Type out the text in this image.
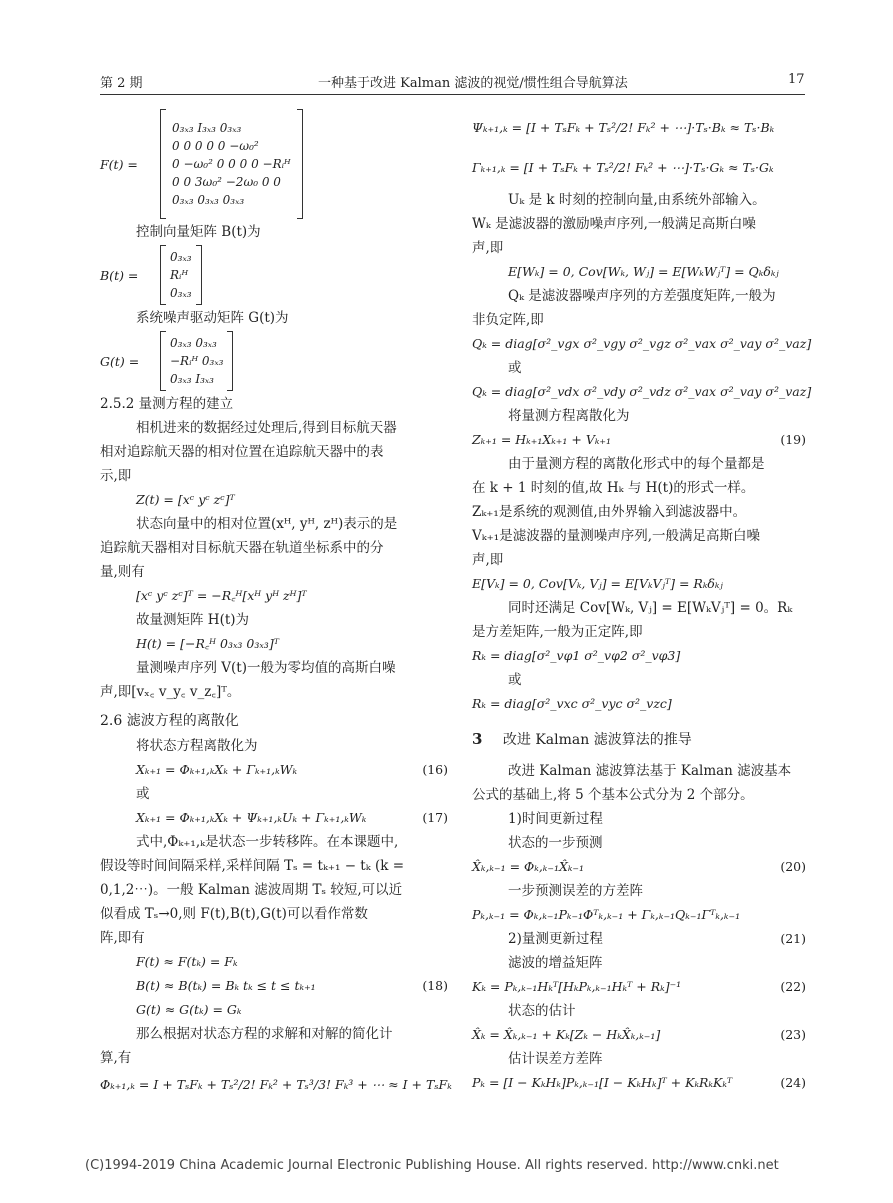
第 2 期	一种基于改进 Kalman 滤波的视觉/惯性组合导航算法	17
F(t) =
0₃ₓ₃ I₃ₓ₃ 0₃ₓ₃
0 0 0 0 0 −ω₀²
0 −ω₀² 0 0 0 0 −Rᵢᴴ
0 0 3ω₀² −2ω₀ 0 0
0₃ₓ₃ 0₃ₓ₃ 0₃ₓ₃
控制向量矩阵 B(t)为
B(t) =
0₃ₓ₃
Rᵢᴴ
0₃ₓ₃
系统噪声驱动矩阵 G(t)为
G(t) =
0₃ₓ₃ 0₃ₓ₃
−Rᵢᴴ 0₃ₓ₃
0₃ₓ₃ I₃ₓ₃
2.5.2 量测方程的建立
相机进来的数据经过处理后,得到目标航天器
相对追踪航天器的相对位置在追踪航天器中的表
示,即
Z(t) = [xᶜ yᶜ zᶜ]ᵀ
状态向量中的相对位置(xᴴ, yᴴ, zᴴ)表示的是
追踪航天器相对目标航天器在轨道坐标系中的分
量,则有
[xᶜ yᶜ zᶜ]ᵀ = −R꜀ᴴ[xᴴ yᴴ zᴴ]ᵀ
故量测矩阵 H(t)为
H(t) = [−R꜀ᴴ 0₃ₓ₃ 0₃ₓ₃]ᵀ
量测噪声序列 V(t)一般为零均值的高斯白噪
声,即[vₓ꜀ v_y꜀ v_z꜀]ᵀ。
2.6 滤波方程的离散化
将状态方程离散化为
Xₖ₊₁ = Φₖ₊₁,ₖXₖ + Γₖ₊₁,ₖWₖ	(16)
或
Xₖ₊₁ = Φₖ₊₁,ₖXₖ + Ψₖ₊₁,ₖUₖ + Γₖ₊₁,ₖWₖ	(17)
式中,Φₖ₊₁,ₖ是状态一步转移阵。在本课题中,
假设等时间间隔采样,采样间隔 Tₛ = tₖ₊₁ − tₖ (k =
0,1,2⋯)。一般 Kalman 滤波周期 Tₛ 较短,可以近
似看成 Tₛ→0,则 F(t),B(t),G(t)可以看作常数
阵,即有
F(t) ≈ F(tₖ) = Fₖ
B(t) ≈ B(tₖ) = Bₖ tₖ ≤ t ≤ tₖ₊₁	(18)
G(t) ≈ G(tₖ) = Gₖ
那么根据对状态方程的求解和对解的简化计
算,有
Φₖ₊₁,ₖ = I + TₛFₖ + Tₛ²/2! Fₖ² + Tₛ³/3! Fₖ³ + ⋯ ≈ I + TₛFₖ
Ψₖ₊₁,ₖ = [I + TₛFₖ + Tₛ²/2! Fₖ² + ⋯]·Tₛ·Bₖ ≈ Tₛ·Bₖ
Γₖ₊₁,ₖ = [I + TₛFₖ + Tₛ²/2! Fₖ² + ⋯]·Tₛ·Gₖ ≈ Tₛ·Gₖ
Uₖ 是 k 时刻的控制向量,由系统外部输入。
Wₖ 是滤波器的激励噪声序列,一般满足高斯白噪
声,即
E[Wₖ] = 0, Cov[Wₖ, Wⱼ] = E[WₖWⱼᵀ] = Qₖδₖⱼ
Qₖ 是滤波器噪声序列的方差强度矩阵,一般为
非负定阵,即
Qₖ = diag[σ²_vgx σ²_vgy σ²_vgz σ²_vax σ²_vay σ²_vaz]
或
Qₖ = diag[σ²_vdx σ²_vdy σ²_vdz σ²_vax σ²_vay σ²_vaz]
将量测方程离散化为
Zₖ₊₁ = Hₖ₊₁Xₖ₊₁ + Vₖ₊₁	(19)
由于量测方程的离散化形式中的每个量都是
在 k + 1 时刻的值,故 Hₖ 与 H(t)的形式一样。
Zₖ₊₁是系统的观测值,由外界输入到滤波器中。
Vₖ₊₁是滤波器的量测噪声序列,一般满足高斯白噪
声,即
E[Vₖ] = 0, Cov[Vₖ, Vⱼ] = E[VₖVⱼᵀ] = Rₖδₖⱼ
同时还满足 Cov[Wₖ, Vⱼ] = E[WₖVⱼᵀ] = 0。Rₖ
是方差矩阵,一般为正定阵,即
Rₖ = diag[σ²_vφ1 σ²_vφ2 σ²_vφ3]
或
Rₖ = diag[σ²_vxc σ²_vyc σ²_vzc]
3 改进 Kalman 滤波算法的推导
改进 Kalman 滤波算法基于 Kalman 滤波基本
公式的基础上,将 5 个基本公式分为 2 个部分。
1)时间更新过程
状态的一步预测
X̂ₖ,ₖ₋₁ = Φₖ,ₖ₋₁X̂ₖ₋₁	(20)
一步预测误差的方差阵
Pₖ,ₖ₋₁ = Φₖ,ₖ₋₁Pₖ₋₁Φᵀₖ,ₖ₋₁ + Γₖ,ₖ₋₁Qₖ₋₁Γᵀₖ,ₖ₋₁
(21)
2)量测更新过程
滤波的增益矩阵
Kₖ = Pₖ,ₖ₋₁Hₖᵀ[HₖPₖ,ₖ₋₁Hₖᵀ + Rₖ]⁻¹	(22)
状态的估计
X̂ₖ = X̂ₖ,ₖ₋₁ + Kₖ[Zₖ − HₖX̂ₖ,ₖ₋₁]	(23)
估计误差方差阵
Pₖ = [I − KₖHₖ]Pₖ,ₖ₋₁[I − KₖHₖ]ᵀ + KₖRₖKₖᵀ	(24)
(C)1994-2019 China Academic Journal Electronic Publishing House. All rights reserved. http://www.cnki.net
